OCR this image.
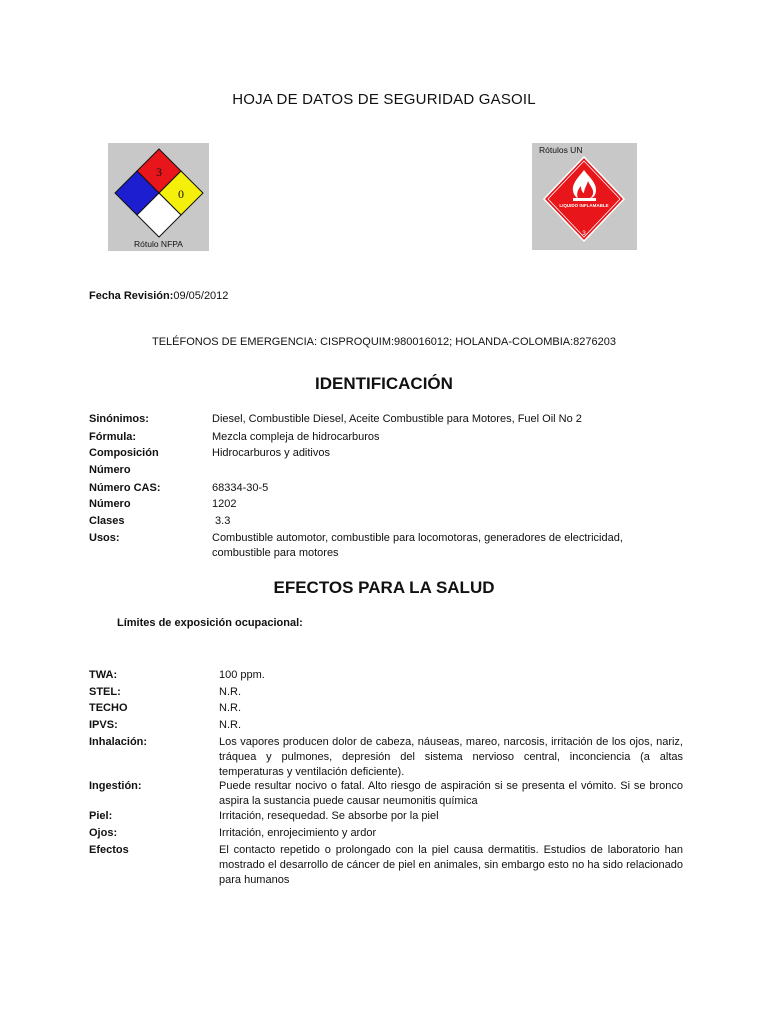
HOJA DE DATOS DE SEGURIDAD GASOIL
3
1	0
Rótulo NFPA
Rótulos UN
LIQUIDO INFLAMABLE
3
Fecha Revisión:09/05/2012
TELÉFONOS DE EMERGENCIA: CISPROQUIM:980016012; HOLANDA-COLOMBIA:8276203
IDENTIFICACIÓN
Sinónimos:	Diesel, Combustible Diesel, Aceite Combustible para Motores, Fuel Oil No 2
Fórmula:	Mezcla compleja de hidrocarburos
Composición	Hidrocarburos y aditivos
Número
Número CAS:	68334-30-5
Número	1202
Clases	3.3
Usos:	Combustible automotor, combustible para locomotoras, generadores de electricidad, combustible para motores
EFECTOS PARA LA SALUD
Límites de exposición ocupacional:
TWA:	100 ppm.
STEL:	N.R.
TECHO	N.R.
IPVS:	N.R.
Inhalación:	Los vapores producen dolor de cabeza, náuseas, mareo, narcosis, irritación de los ojos, nariz, tráquea y pulmones, depresión del sistema nervioso central, inconciencia (a altas temperaturas y ventilación deficiente).
Ingestión:	Puede resultar nocivo o fatal. Alto riesgo de aspiración si se presenta el vómito. Si se bronco aspira la sustancia puede causar neumonitis química
Piel:	Irritación, resequedad. Se absorbe por la piel
Ojos:	Irritación, enrojecimiento y ardor
Efectos	El contacto repetido o prolongado con la piel causa dermatitis. Estudios de laboratorio han mostrado el desarrollo de cáncer de piel en animales, sin embargo esto no ha sido relacionado para humanos
